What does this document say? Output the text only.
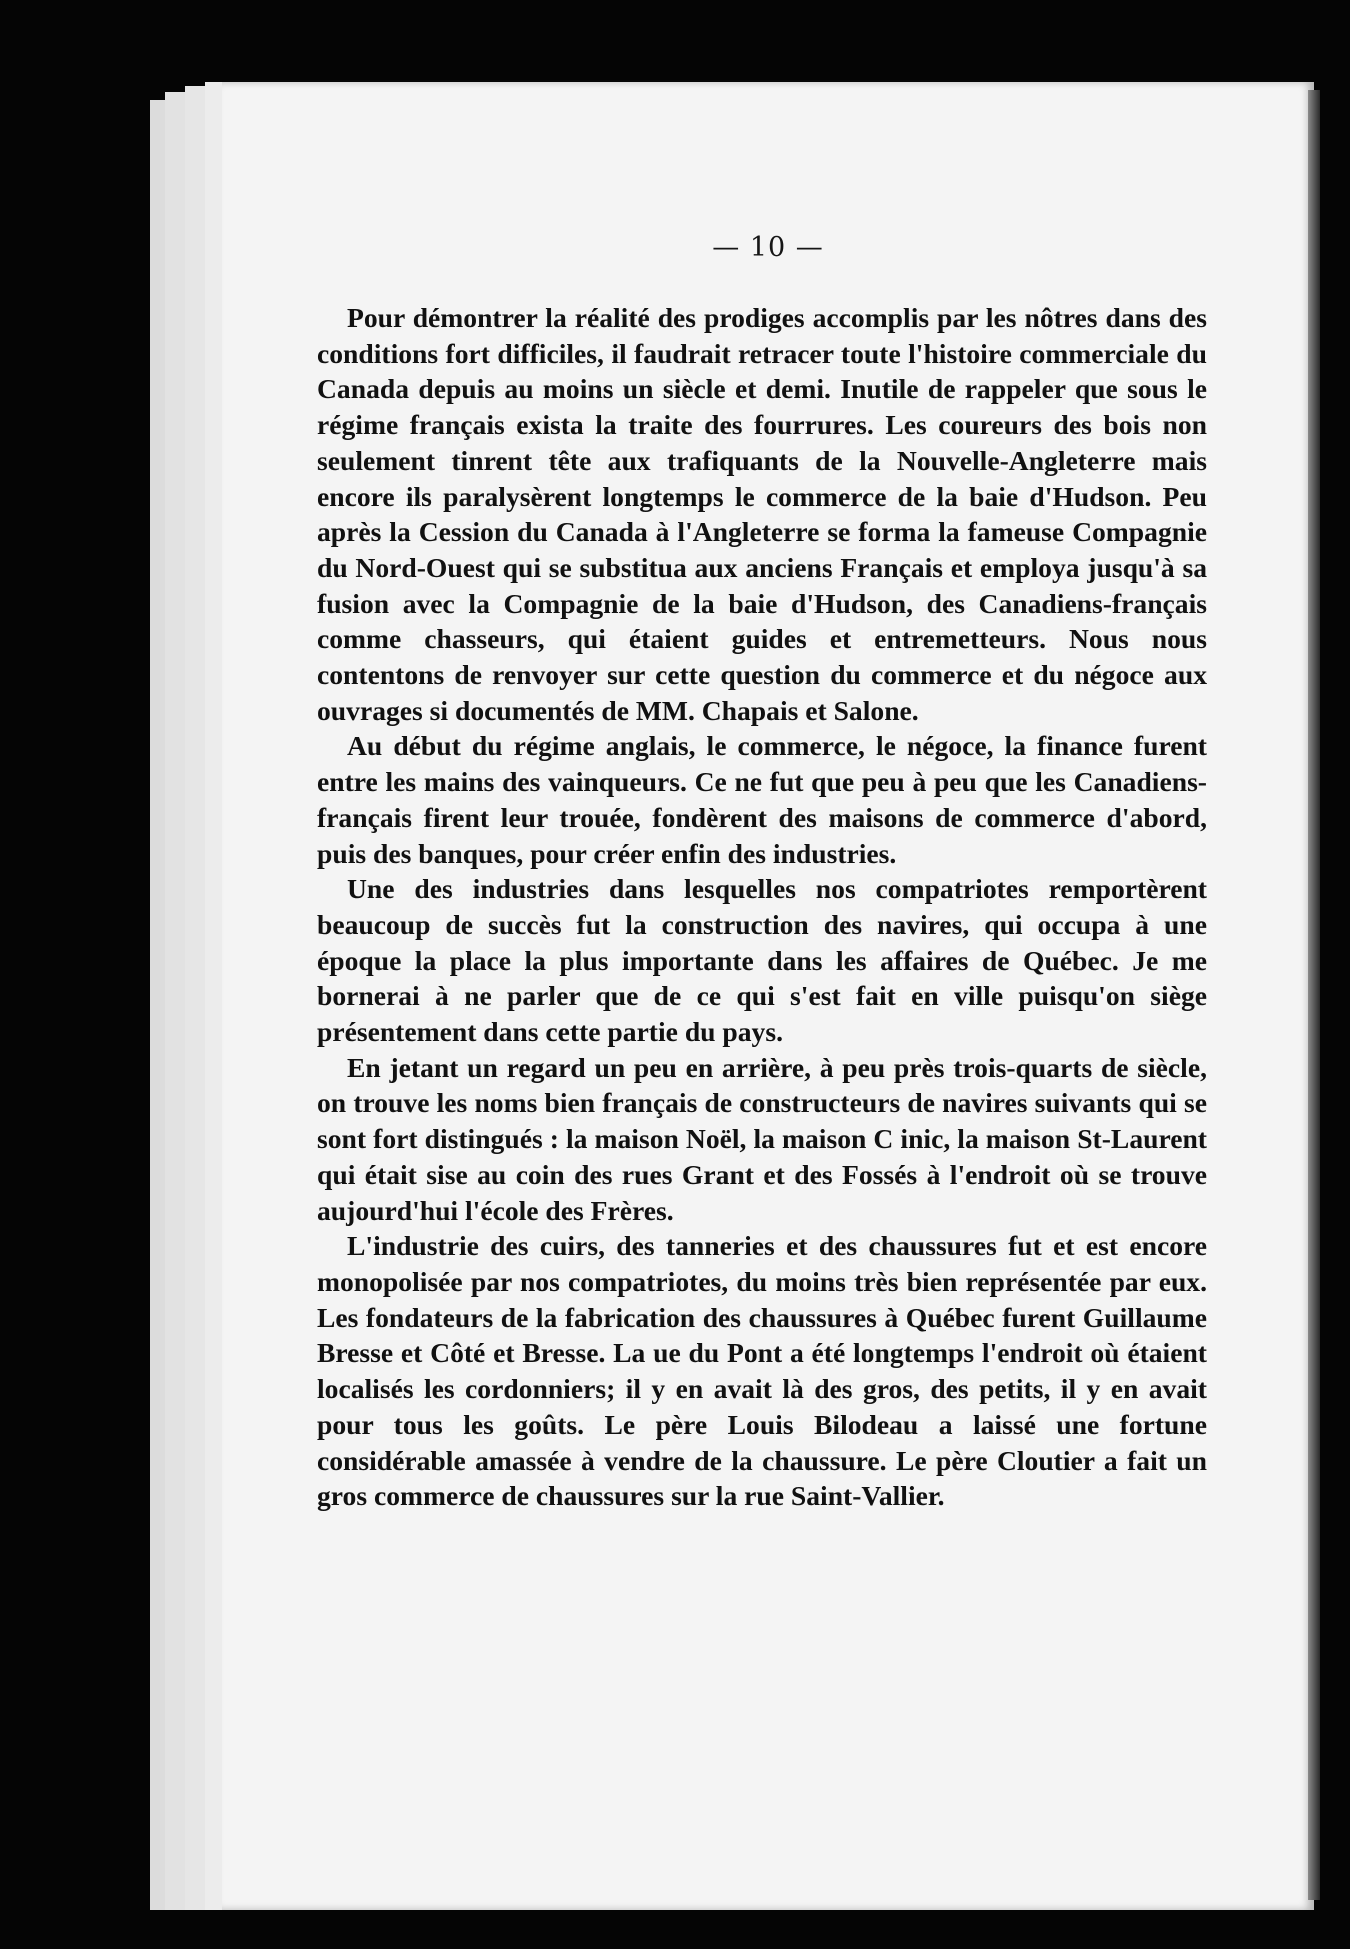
— 10 —

Pour démontrer la réalité des prodiges accomplis par les nôtres dans des conditions fort difficiles, il faudrait retracer toute l'histoire commerciale du Canada depuis au moins un siècle et demi. Inutile de rappeler que sous le régime français exista la traite des fourrures. Les coureurs des bois non seulement tinrent tête aux trafiquants de la Nouvelle-Angleterre mais encore ils paralysèrent longtemps le commerce de la baie d'Hudson. Peu après la Cession du Canada à l'Angleterre se forma la fameuse Compagnie du Nord-Ouest qui se substitua aux anciens Français et employa jusqu'à sa fusion avec la Compagnie de la baie d'Hudson, des Canadiens-français comme chasseurs, qui étaient guides et entremetteurs. Nous nous contentons de renvoyer sur cette question du commerce et du négoce aux ouvrages si documentés de MM. Chapais et Salone.

Au début du régime anglais, le commerce, le négoce, la finance furent entre les mains des vainqueurs. Ce ne fut que peu à peu que les Canadiens-français firent leur trouée, fondèrent des maisons de commerce d'abord, puis des banques, pour créer enfin des industries.

Une des industries dans lesquelles nos compatriotes remportèrent beaucoup de succès fut la construction des navires, qui occupa à une époque la place la plus importante dans les affaires de Québec. Je me bornerai à ne parler que de ce qui s'est fait en ville puisqu'on siège présentement dans cette partie du pays.

En jetant un regard un peu en arrière, à peu près trois-quarts de siècle, on trouve les noms bien français de constructeurs de navires suivants qui se sont fort distingués : la maison Noël, la maison C inic, la maison St-Laurent qui était sise au coin des rues Grant et des Fossés à l'endroit où se trouve aujourd'hui l'école des Frères.

L'industrie des cuirs, des tanneries et des chaussures fut et est encore monopolisée par nos compatriotes, du moins très bien représentée par eux. Les fondateurs de la fabrication des chaussures à Québec furent Guillaume Bresse et Côté et Bresse. La ue du Pont a été longtemps l'endroit où étaient localisés les cordonniers; il y en avait là des gros, des petits, il y en avait pour tous les goûts. Le père Louis Bilodeau a laissé une fortune considérable amassée à vendre de la chaussure. Le père Cloutier a fait un gros commerce de chaussures sur la rue Saint-Vallier.
